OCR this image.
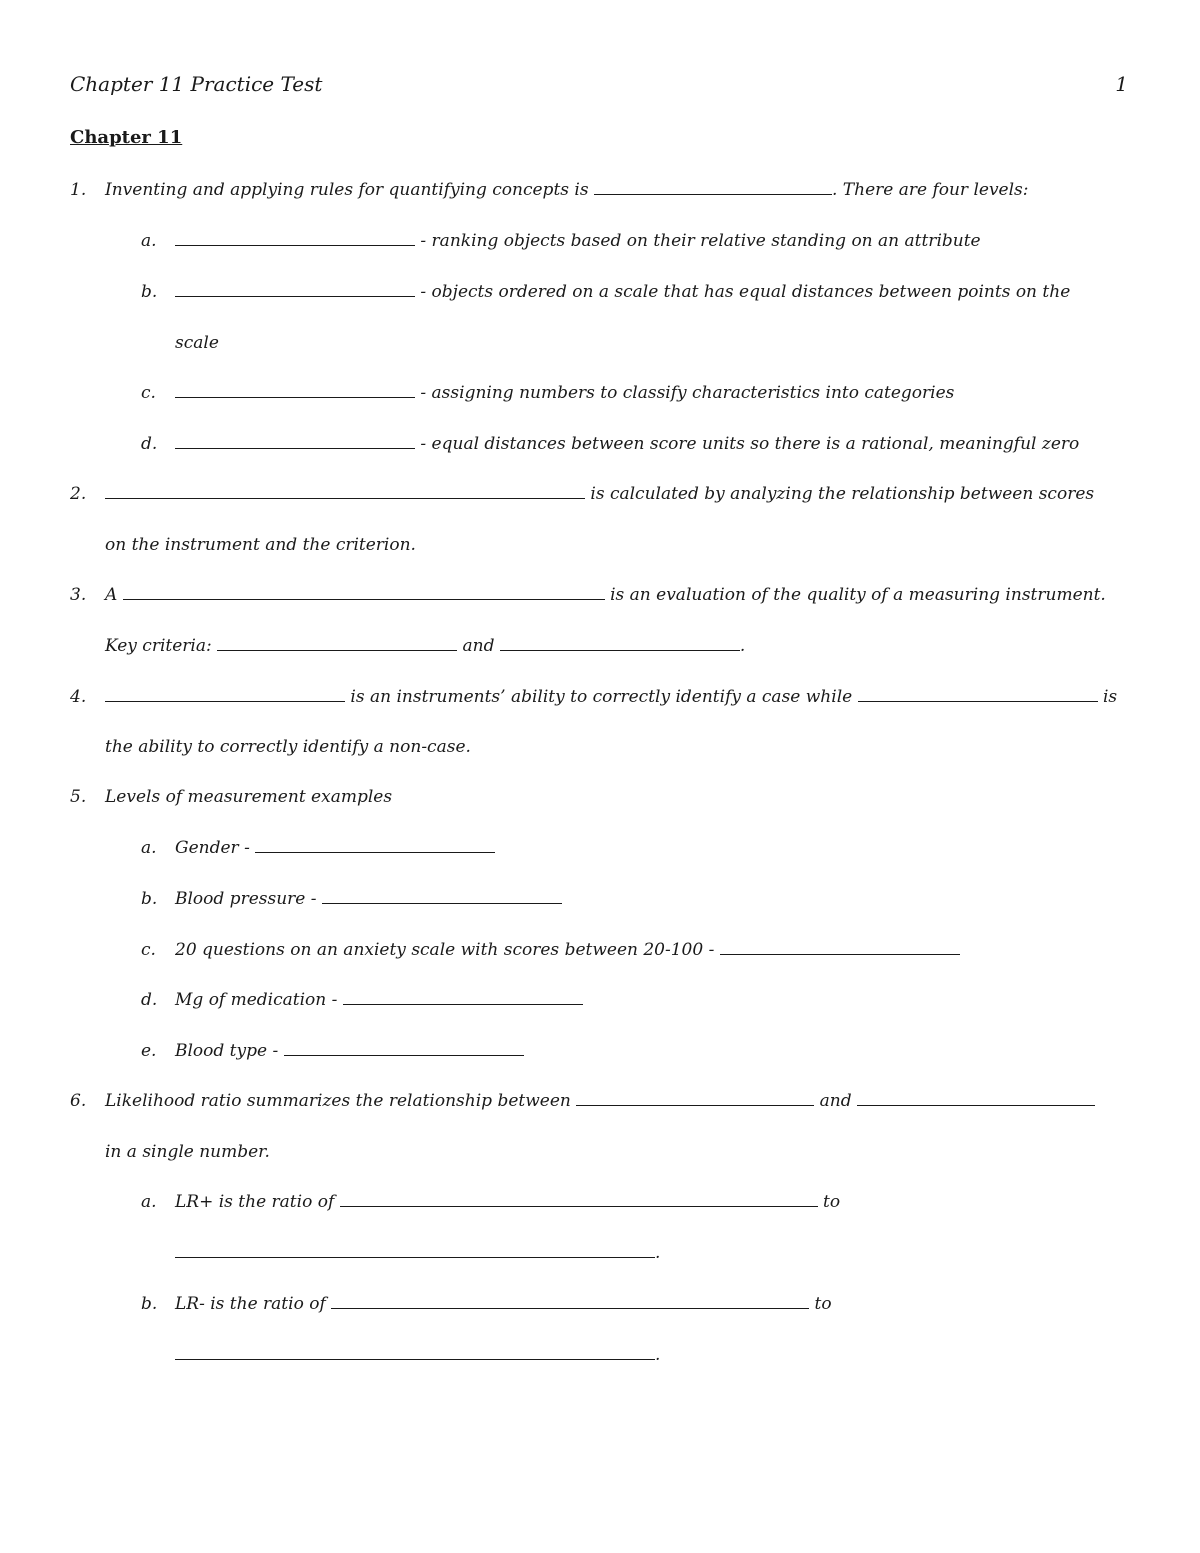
Chapter 11 Practice Test	1
Chapter 11
1. Inventing and applying rules for quantifying concepts is	. There are four levels:
a.	- ranking objects based on their relative standing on an attribute
b.	- objects ordered on a scale that has equal distances between points on the
scale
c.	- assigning numbers to classify characteristics into categories
d.	- equal distances between score units so there is a rational, meaningful zero
2.	is calculated by analyzing the relationship between scores
on the instrument and the criterion.
3. A	is an evaluation of the quality of a measuring instrument.
Key criteria:	and	.
4.	is an instruments’ ability to correctly identify a case while	is
the ability to correctly identify a non-case.
5. Levels of measurement examples
a. Gender -
b. Blood pressure -
c. 20 questions on an anxiety scale with scores between 20-100 -
d. Mg of medication -
e. Blood type -
6. Likelihood ratio summarizes the relationship between	and
in a single number.
a. LR+ is the ratio of	to
.
b. LR- is the ratio of	to
.
